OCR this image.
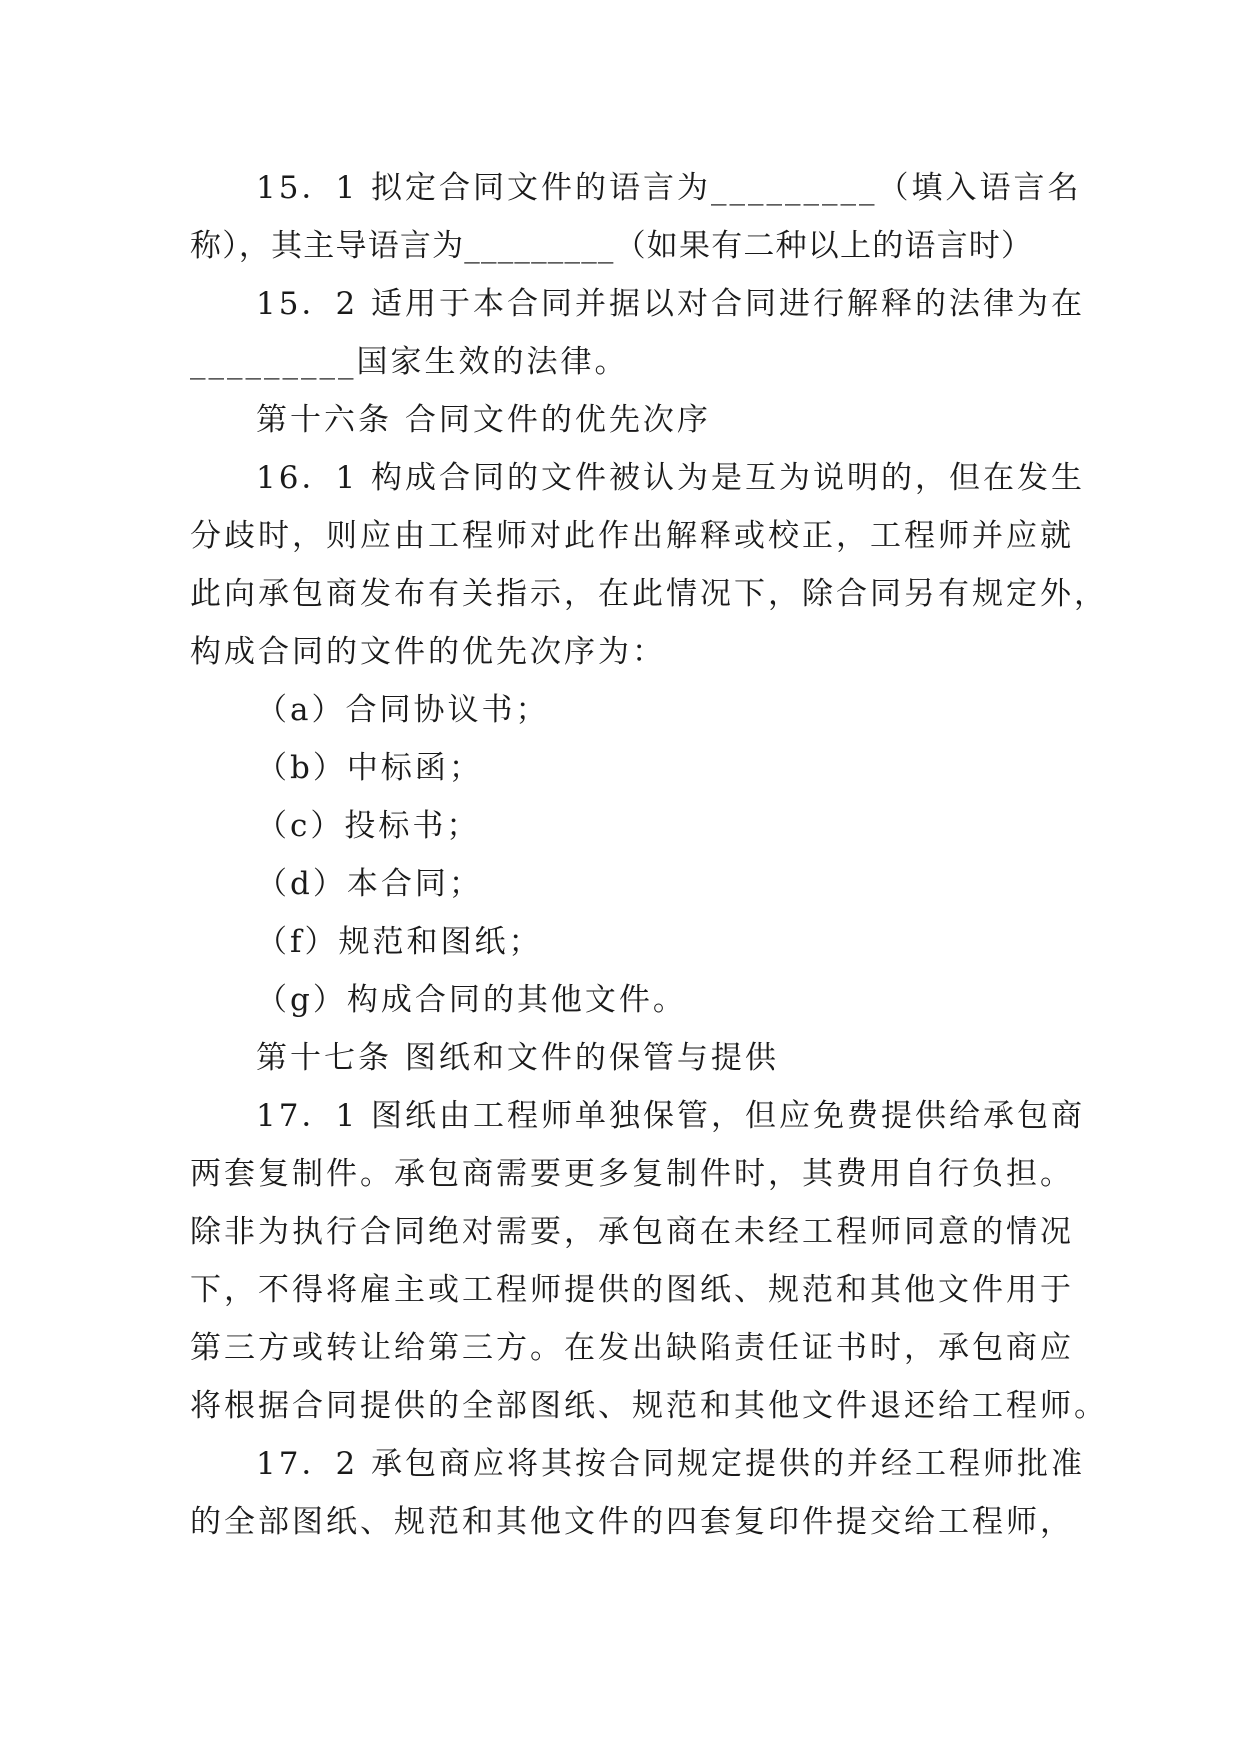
15．1 拟定合同文件的语言为_________（填入语言名
称），其主导语言为_________（如果有二种以上的语言时）
15．2 适用于本合同并据以对合同进行解释的法律为在
_________国家生效的法律。
第十六条 合同文件的优先次序
16．1 构成合同的文件被认为是互为说明的，但在发生
分歧时，则应由工程师对此作出解释或校正，工程师并应就
此向承包商发布有关指示，在此情况下，除合同另有规定外，
构成合同的文件的优先次序为：
（a）合同协议书；
（b）中标函；
（c）投标书；
（d）本合同；
（f）规范和图纸；
（g）构成合同的其他文件。
第十七条 图纸和文件的保管与提供
17．1 图纸由工程师单独保管，但应免费提供给承包商
两套复制件。承包商需要更多复制件时，其费用自行负担。
除非为执行合同绝对需要，承包商在未经工程师同意的情况
下，不得将雇主或工程师提供的图纸、规范和其他文件用于
第三方或转让给第三方。在发出缺陷责任证书时，承包商应
将根据合同提供的全部图纸、规范和其他文件退还给工程师。
17．2 承包商应将其按合同规定提供的并经工程师批准
的全部图纸、规范和其他文件的四套复印件提交给工程师，
